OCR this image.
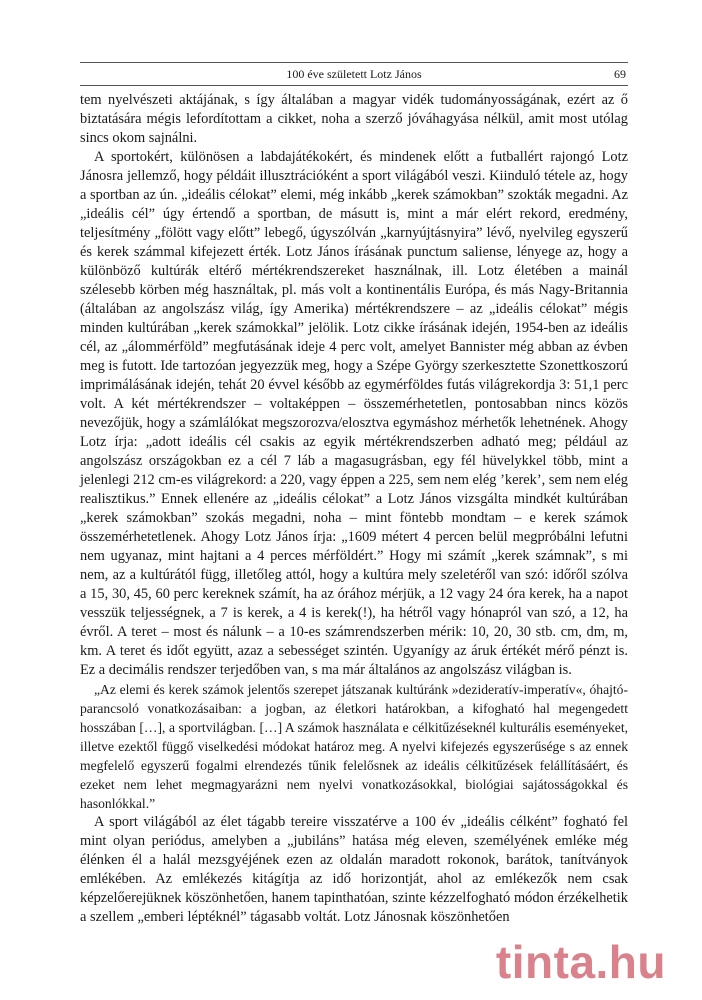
100 éve született Lotz János	69

tem nyelvészeti aktájának, s így általában a magyar vidék tudományosságának, ezért az ő biztatására mégis lefordítottam a cikket, noha a szerző jóváhagyása nélkül, amit most utólag sincs okom sajnálni.

A sportokért, különösen a labdajátékokért, és mindenek előtt a futballért rajongó Lotz Jánosra jellemző, hogy példáit illusztrációként a sport világából veszi. Kiinduló tétele az, hogy a sportban az ún. „ideális célokat” elemi, még inkább „kerek számokban” szokták megadni. Az „ideális cél” úgy értendő a sportban, de másutt is, mint a már elért rekord, eredmény, teljesítmény „fölött vagy előtt” lebegő, úgyszólván „karnyújtásnyira” lévő, nyelvileg egyszerű és kerek számmal kifejezett érték. Lotz János írásának punctum saliense, lényege az, hogy a különböző kultúrák eltérő mértékrendszereket használnak, ill. Lotz életében a mainál szélesebb körben még használtak, pl. más volt a kontinentális Európa, és más Nagy-Britannia (általában az angolszász világ, így Amerika) mértékrendszere – az „ideális célokat” mégis minden kultúrában „kerek számokkal” jelölik. Lotz cikke írásának idején, 1954-ben az ideális cél, az „álommérföld” megfutásának ideje 4 perc volt, amelyet Bannister még abban az évben meg is futott. Ide tartozóan jegyezzük meg, hogy a Szépe György szerkesztette Szonettkoszorú imprimálásának idején, tehát 20 évvel később az egymérföldes futás világrekordja 3: 51,1 perc volt. A két mértékrendszer – voltaképpen – összemérhetetlen, pontosabban nincs közös nevezőjük, hogy a számlálókat megszorozva/elosztva egymáshoz mérhetők lehetnének. Ahogy Lotz írja: „adott ideális cél csakis az egyik mértékrendszerben adható meg; például az angolszász országokban ez a cél 7 láb a magasugrásban, egy fél hüvelykkel több, mint a jelenlegi 212 cm-es világrekord: a 220, vagy éppen a 225, sem nem elég ’kerek’, sem nem elég realisztikus.” Ennek ellenére az „ideális célokat” a Lotz János vizsgálta mindkét kultúrában „kerek számokban” szokás megadni, noha – mint föntebb mondtam – e kerek számok összemérhetetlenek. Ahogy Lotz János írja: „1609 métert 4 percen belül megpróbálni lefutni nem ugyanaz, mint hajtani a 4 perces mérföldért.” Hogy mi számít „kerek számnak”, s mi nem, az a kultúrától függ, illetőleg attól, hogy a kultúra mely szeletéről van szó: időről szólva a 15, 30, 45, 60 perc kereknek számít, ha az órához mérjük, a 12 vagy 24 óra kerek, ha a napot vesszük teljességnek, a 7 is kerek, a 4 is kerek(!), ha hétről vagy hónapról van szó, a 12, ha évről. A teret – most és nálunk – a 10-es számrendszerben mérik: 10, 20, 30 stb. cm, dm, m, km. A teret és időt együtt, azaz a sebességet szintén. Ugyanígy az áruk értékét mérő pénzt is. Ez a decimális rendszer terjedőben van, s ma már általános az angolszász világban is.

„Az elemi és kerek számok jelentős szerepet játszanak kultúránk »dezideratív-imperatív«, óhajtó-parancsoló vonatkozásaiban: a jogban, az életkori határokban, a kifogható hal megengedett hosszában […], a sportvilágban. […] A számok használata e célkitűzéseknél kulturális eseményeket, illetve ezektől függő viselkedési módokat határoz meg. A nyelvi kifejezés egyszerűsége s az ennek megfelelő egyszerű fogalmi elrendezés tűnik felelősnek az ideális célkitűzések felállításáért, és ezeket nem lehet megmagyarázni nem nyelvi vonatkozásokkal, biológiai sajátosságokkal és hasonlókkal.”

A sport világából az élet tágabb tereire visszatérve a 100 év „ideális célként” fogható fel mint olyan periódus, amelyben a „jubiláns” hatása még eleven, személyének emléke még élénken él a halál mezsgyéjének ezen az oldalán maradott rokonok, barátok, tanítványok emlékében. Az emlékezés kitágítja az idő horizontját, ahol az emlékezők nem csak képzelőerejüknek köszönhetően, hanem tapinthatóan, szinte kézzelfogható módon érzékelhetik a szellem „emberi léptéknél” tágasabb voltát. Lotz Jánosnak köszönhetően

tinta.hu
